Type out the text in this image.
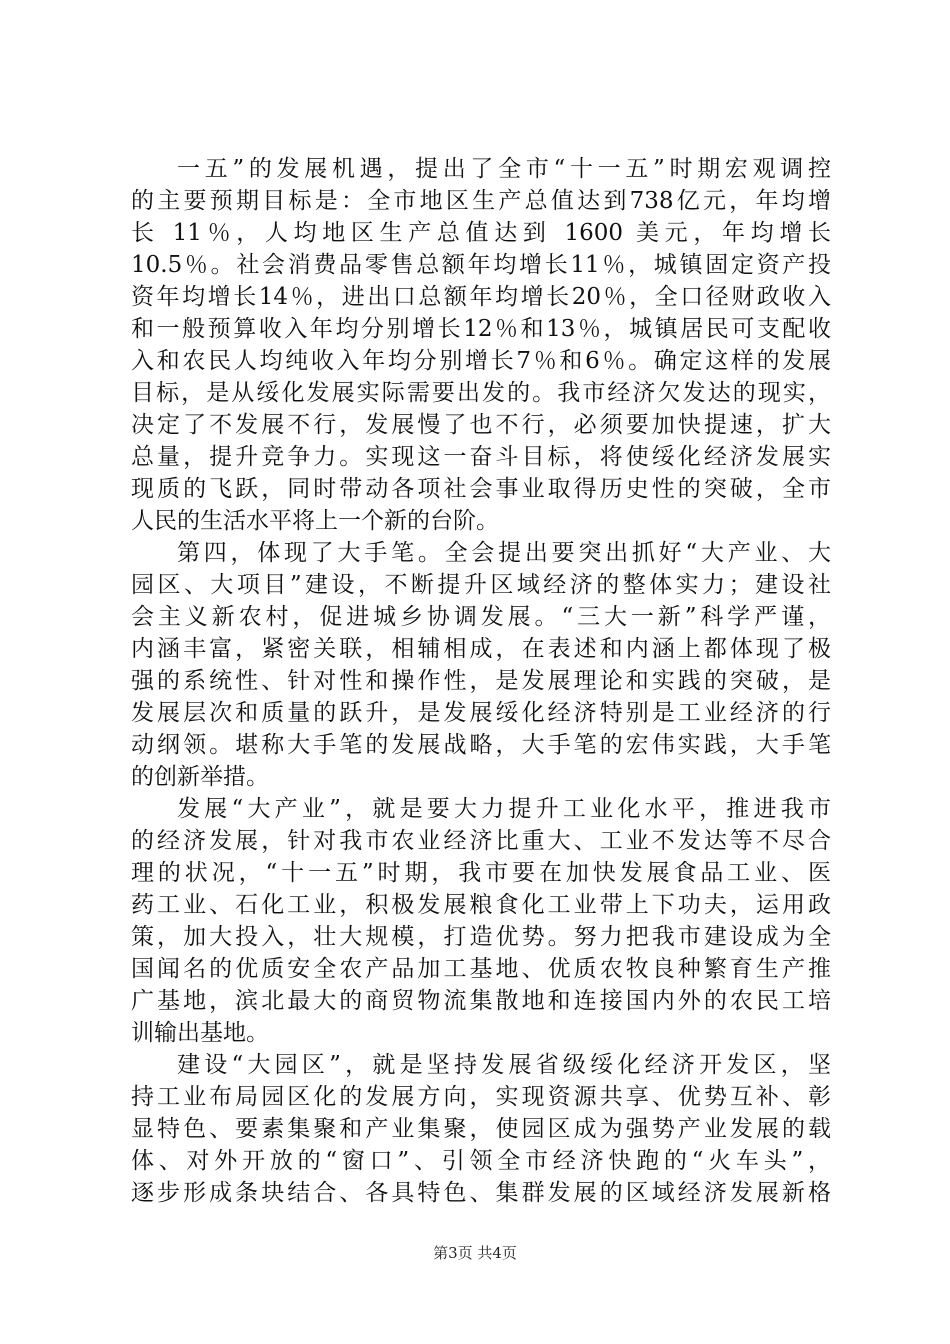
一五”的发展机遇，提出了全市“十一五”时期宏观调控
的主要预期目标是：全市地区生产总值达到738亿元，年均增
长 11％，人均地区生产总值达到 1600 美元，年均增长
10.5％。社会消费品零售总额年均增长11％，城镇固定资产投
资年均增长14％，进出口总额年均增长20％，全口径财政收入
和一般预算收入年均分别增长12％和13％，城镇居民可支配收
入和农民人均纯收入年均分别增长7％和6％。确定这样的发展
目标，是从绥化发展实际需要出发的。我市经济欠发达的现实，
决定了不发展不行，发展慢了也不行，必须要加快提速，扩大
总量，提升竞争力。实现这一奋斗目标，将使绥化经济发展实
现质的飞跃，同时带动各项社会事业取得历史性的突破，全市
人民的生活水平将上一个新的台阶。
第四，体现了大手笔。全会提出要突出抓好“大产业、大
园区、大项目”建设，不断提升区域经济的整体实力；建设社
会主义新农村，促进城乡协调发展。“三大一新”科学严谨，
内涵丰富，紧密关联，相辅相成，在表述和内涵上都体现了极
强的系统性、针对性和操作性，是发展理论和实践的突破，是
发展层次和质量的跃升，是发展绥化经济特别是工业经济的行
动纲领。堪称大手笔的发展战略，大手笔的宏伟实践，大手笔
的创新举措。
发展“大产业”，就是要大力提升工业化水平，推进我市
的经济发展，针对我市农业经济比重大、工业不发达等不尽合
理的状况，“十一五”时期，我市要在加快发展食品工业、医
药工业、石化工业，积极发展粮食化工业带上下功夫，运用政
策，加大投入，壮大规模，打造优势。努力把我市建设成为全
国闻名的优质安全农产品加工基地、优质农牧良种繁育生产推
广基地，滨北最大的商贸物流集散地和连接国内外的农民工培
训输出基地。
建设“大园区”，就是坚持发展省级绥化经济开发区，坚
持工业布局园区化的发展方向，实现资源共享、优势互补、彰
显特色、要素集聚和产业集聚，使园区成为强势产业发展的载
体、对外开放的“窗口”、引领全市经济快跑的“火车头”，
逐步形成条块结合、各具特色、集群发展的区域经济发展新格
第3页 共4页
